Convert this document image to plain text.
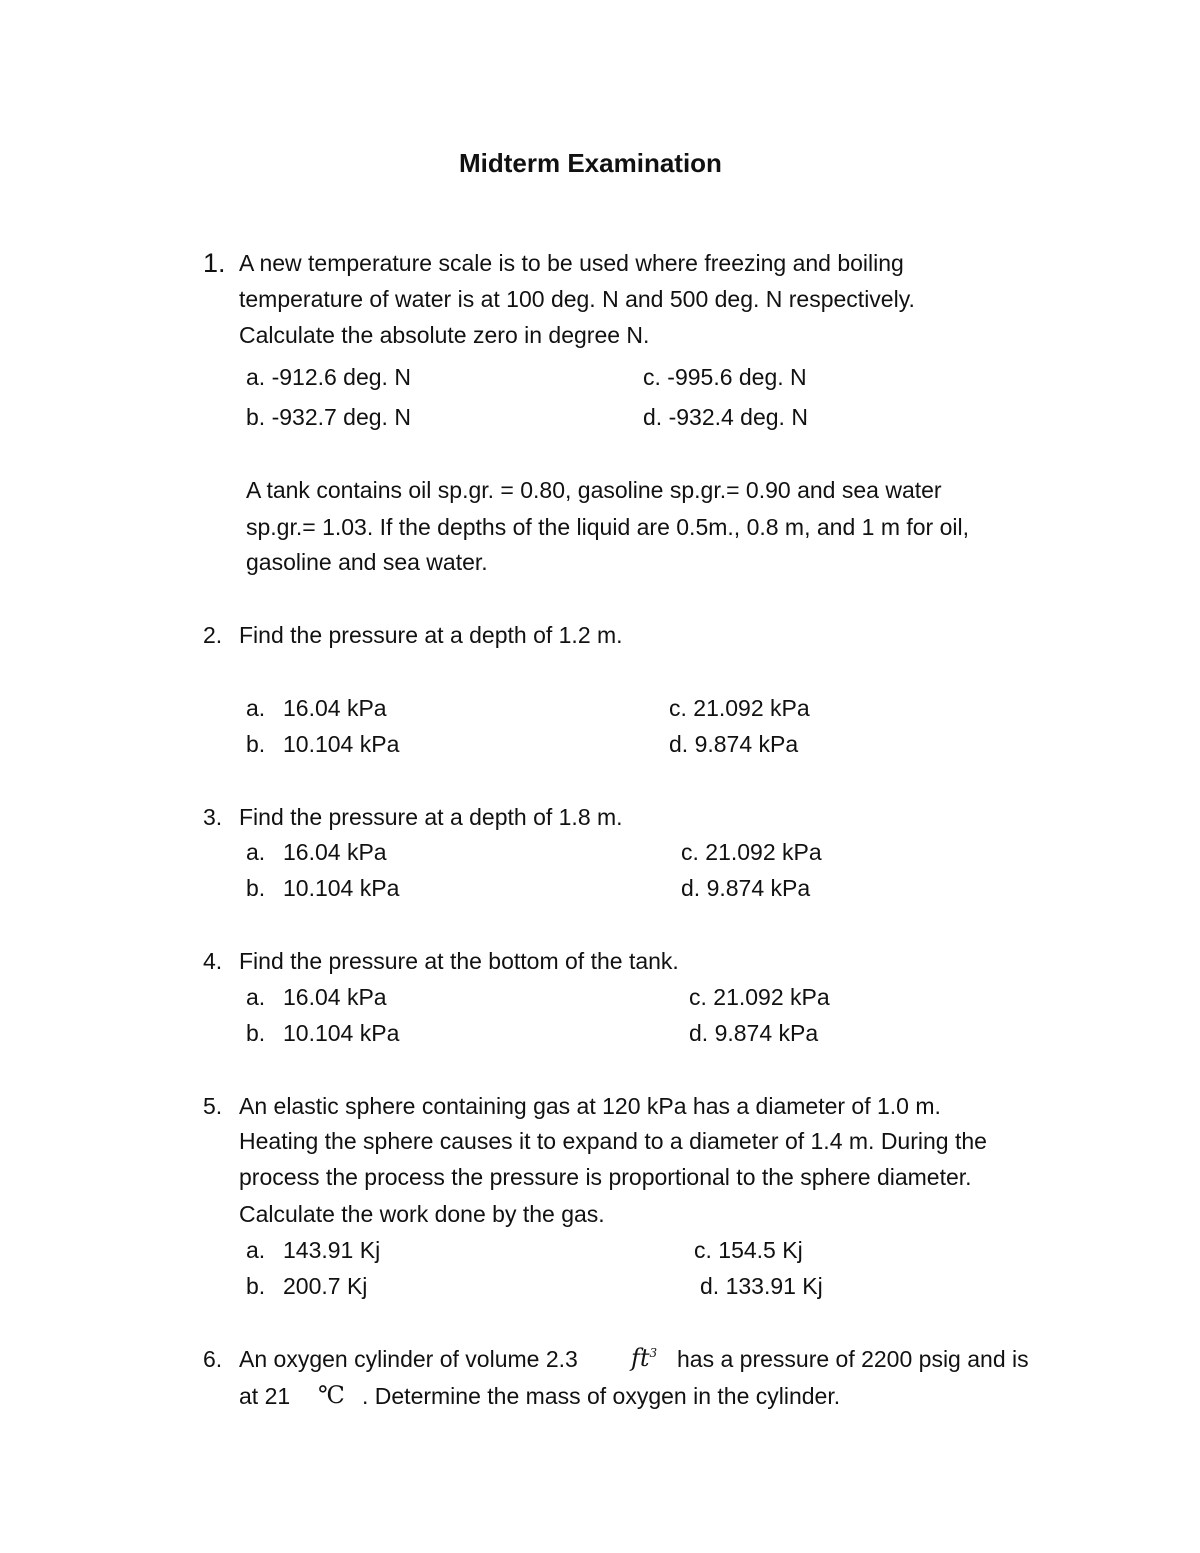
Midterm Examination
1. A new temperature scale is to be used where freezing and boiling
temperature of water is at 100 deg. N and 500 deg. N respectively.
Calculate the absolute zero in degree N.
a. -912.6 deg. N	c. -995.6 deg. N
b. -932.7 deg. N	d. -932.4 deg. N
A tank contains oil sp.gr. = 0.80, gasoline sp.gr.= 0.90 and sea water
sp.gr.= 1.03. If the depths of the liquid are 0.5m., 0.8 m, and 1 m for oil,
gasoline and sea water.
2. Find the pressure at a depth of 1.2 m.
a. 16.04 kPa	c. 21.092 kPa
b. 10.104 kPa	d. 9.874 kPa
3. Find the pressure at a depth of 1.8 m.
a. 16.04 kPa	c. 21.092 kPa
b. 10.104 kPa	d. 9.874 kPa
4. Find the pressure at the bottom of the tank.
a. 16.04 kPa	c. 21.092 kPa
b. 10.104 kPa	d. 9.874 kPa
5. An elastic sphere containing gas at 120 kPa has a diameter of 1.0 m.
Heating the sphere causes it to expand to a diameter of 1.4 m. During the
process the process the pressure is proportional to the sphere diameter.
Calculate the work done by the gas.
a. 143.91 Kj	c. 154.5 Kj
b. 200.7 Kj	d. 133.91 Kj
6. An oxygen cylinder of volume 2.3 $ft^3$ has a pressure of 2200 psig and is
at 21 ℃ . Determine the mass of oxygen in the cylinder.
